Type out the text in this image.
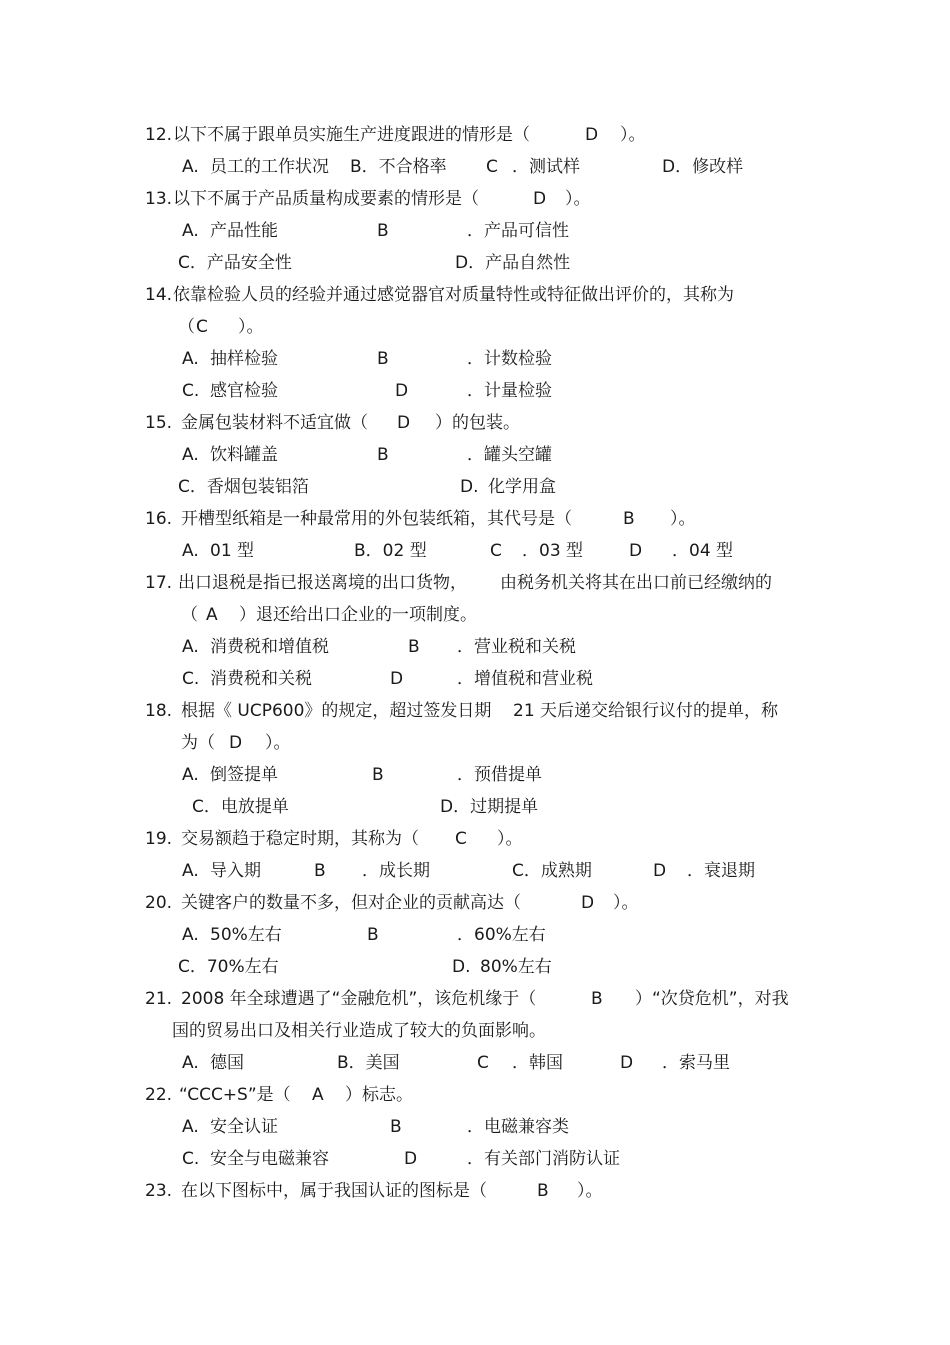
12. 以下不属于跟单员实施生产进度跟进的情形是（	D ）。
A. 员工的工作状况 B．不合格率 C ．测试样	D．修改样
13. 以下不属于产品质量构成要素的情形是（	D ）。
A. 产品性能	B	．产品可信性
C．产品安全性	D．产品自然性
14. 依靠检验人员的经验并通过感觉器官对质量特性或特征做出评价的，其称为
（ C ）。
A. 抽样检验	B	．计数检验
C. 感官检验	D	．计量检验
15. 金属包装材料不适宜做（ D ）的包装。
A. 饮料罐盖	B	．罐头空罐
C．香烟包装铝箔	D. 化学用盒
16. 开槽型纸箱是一种最常用的外包装纸箱，其代号是（	B ）。
A. 01 型	B．02 型	C ．03 型	D ．04 型
17. 出口退税是指已报送离境的出口货物， 由税务机关将其在出口前已经缴纳的
（ A ）退还给出口企业的一项制度。
A. 消费税和增值税	B ．营业税和关税
C. 消费税和关税	D	．增值税和营业税
18. 根据《 UCP600》的规定，超过签发日期 21 天后递交给银行议付的提单，称
为（ D ）。
A. 倒签提单	B	．预借提单
C．电放提单	D．过期提单
19. 交易额趋于稳定时期，其称为（ C ）。
A. 导入期	B ．成长期	C．成熟期	D ．衰退期
20. 关键客户的数量不多，但对企业的贡献高达（	D ）。
A. 50%左右	B	．60%左右
C．70%左右	D. 80%左右
21. 2008 年全球遭遇了“金融危机”，该危机缘于（	B ）“次贷危机”，对我
国的贸易出口及相关行业造成了较大的负面影响。
A. 德国	B．美国	C ．韩国	D ．索马里
22. “CCC+S”是（ A ）标志。
A. 安全认证	B	．电磁兼容类
C. 安全与电磁兼容	D	．有关部门消防认证
23. 在以下图标中，属于我国认证的图标是（	B ）。
